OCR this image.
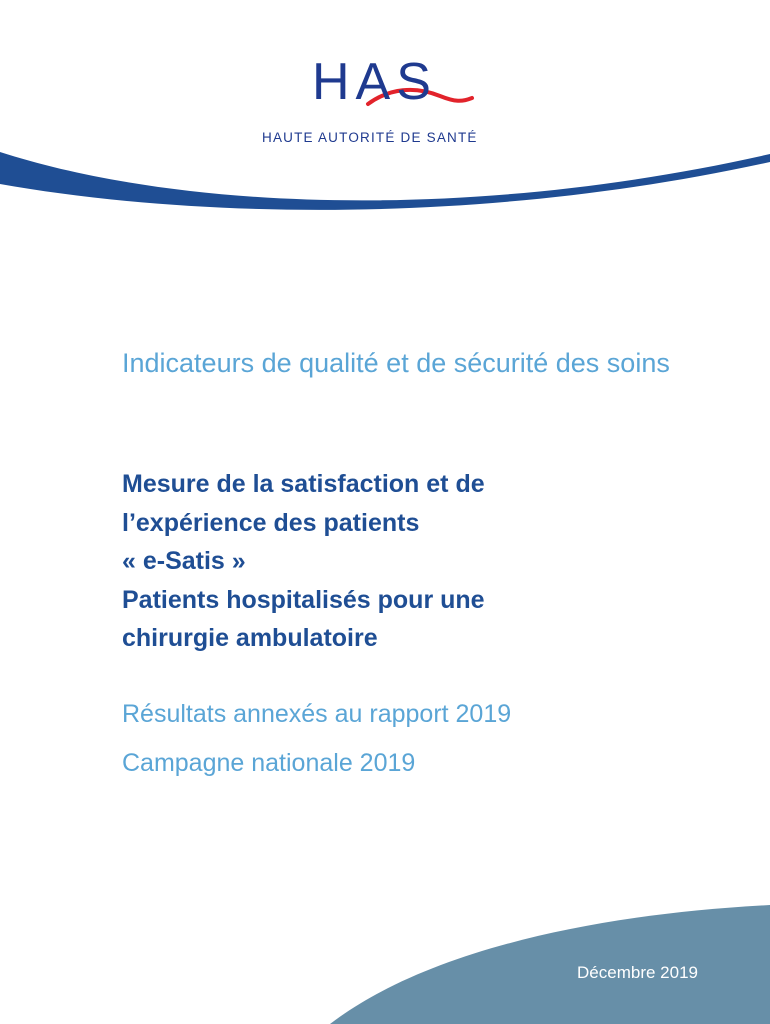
HAS
HAUTE AUTORITÉ DE SANTÉ
Indicateurs de qualité et de sécurité des soins
Mesure de la satisfaction et de
l’expérience des patients
« e-Satis »
Patients hospitalisés pour une
chirurgie ambulatoire
Résultats annexés au rapport 2019
Campagne nationale 2019
Décembre 2019
